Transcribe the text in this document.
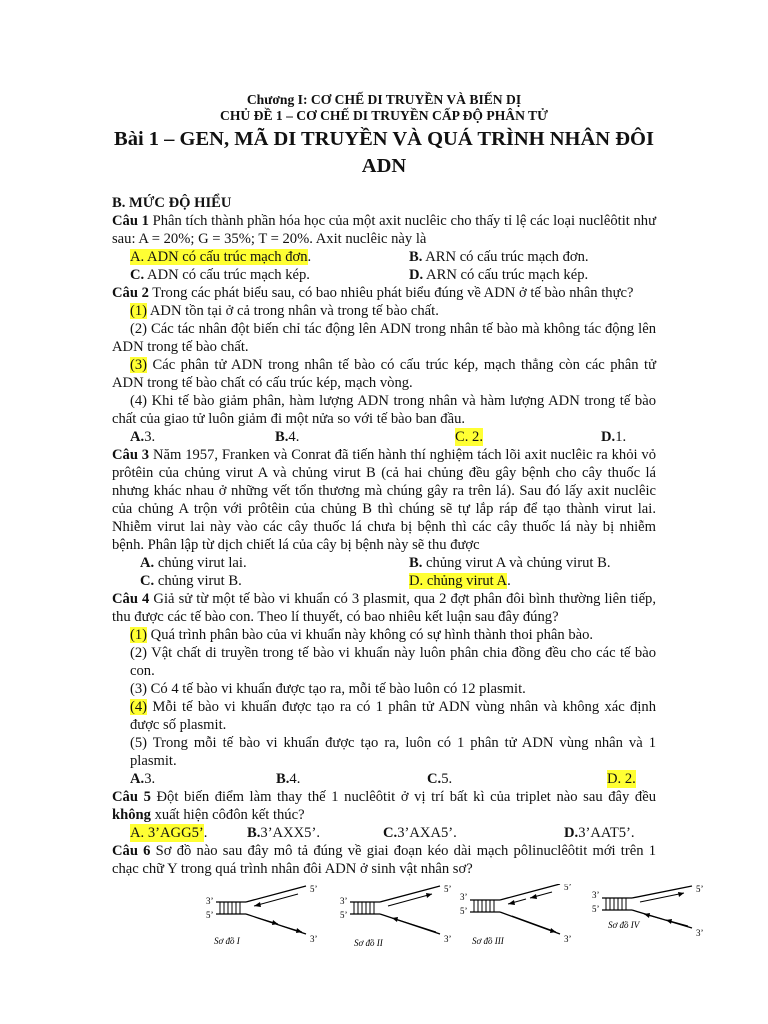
Chương I: CƠ CHẾ DI TRUYỀN VÀ BIẾN DỊ

CHỦ ĐỀ 1 – CƠ CHẾ DI TRUYỀN CẤP ĐỘ PHÂN TỬ

Bài 1 – GEN, MÃ DI TRUYỀN VÀ QUÁ TRÌNH NHÂN ĐÔI

ADN

B. MỨC ĐỘ HIỂU

Câu 1 Phân tích thành phần hóa học của một axit nuclêic cho thấy tỉ lệ các loại nuclêôtit như sau: A = 20%; G = 35%; T = 20%. Axit nuclêic này là

A. ADN có cấu trúc mạch đơn.	B. ARN có cấu trúc mạch đơn.
C. ADN có cấu trúc mạch kép.	D. ARN có cấu trúc mạch kép.

Câu 2 Trong các phát biểu sau, có bao nhiêu phát biểu đúng về ADN ở tế bào nhân thực?

(1) ADN tồn tại ở cả trong nhân và trong tế bào chất.

(2) Các tác nhân đột biến chỉ tác động lên ADN trong nhân tế bào mà không tác động lên ADN trong tế bào chất.

(3) Các phân tử ADN trong nhân tế bào có cấu trúc kép, mạch thẳng còn các phân tử ADN trong tế bào chất có cấu trúc kép, mạch vòng.

(4) Khi tế bào giảm phân, hàm lượng ADN trong nhân và hàm lượng ADN trong tế bào chất của giao tử luôn giảm đi một nửa so với tế bào ban đầu.

A.3.	B.4.	C. 2.	D.1.

Câu 3 Năm 1957, Franken và Conrat đã tiến hành thí nghiệm tách lõi axit nuclêic ra khỏi vỏ prôtêin của chủng virut A và chủng virut B (cả hai chủng đều gây bệnh cho cây thuốc lá nhưng khác nhau ở những vết tổn thương mà chúng gây ra trên lá). Sau đó lấy axit nuclêic của chủng A trộn với prôtêin của chủng B thì chúng sẽ tự lắp ráp để tạo thành virut lai. Nhiễm virut lai này vào các cây thuốc lá chưa bị bệnh thì các cây thuốc lá này bị nhiễm bệnh. Phân lập từ dịch chiết lá của cây bị bệnh này sẽ thu được

A. chủng virut lai.	B. chủng virut A và chủng virut B.
C. chủng virut B.	D. chủng virut A.

Câu 4 Giả sử từ một tế bào vi khuẩn có 3 plasmit, qua 2 đợt phân đôi bình thường liên tiếp, thu được các tế bào con. Theo lí thuyết, có bao nhiêu kết luận sau đây đúng?

(1) Quá trình phân bào của vi khuẩn này không có sự hình thành thoi phân bào.

(2) Vật chất di truyền trong tế bào vi khuẩn này luôn phân chia đồng đều cho các tế bào con.

(3) Có 4 tế bào vi khuẩn được tạo ra, mỗi tế bào luôn có 12 plasmit.

(4) Mỗi tế bào vi khuẩn được tạo ra có 1 phân tử ADN vùng nhân và không xác định được số plasmit.

(5) Trong mỗi tế bào vi khuẩn được tạo ra, luôn có 1 phân tử ADN vùng nhân và 1 plasmit.

A.3.	B.4.	C.5.	D. 2.

Câu 5 Đột biến điểm làm thay thế 1 nuclêôtit ở vị trí bất kì của triplet nào sau đây đều không xuất hiện côđôn kết thúc?

A. 3’AGG5’.	B.3’AXX5’.	C.3’AXA5’.	D.3’AAT5’.

Câu 6 Sơ đồ nào sau đây mô tả đúng về giai đoạn kéo dài mạch pôlinuclêôtit mới trên 1 chạc chữ Y trong quá trình nhân đôi ADN ở sinh vật nhân sơ?

3’
5’
5’
3’
Sơ đồ I
3’
5’
5’
3’
Sơ đồ II
3’
5’
5’
3’
Sơ đồ III
3’
5’
5’
3’
Sơ đồ IV
